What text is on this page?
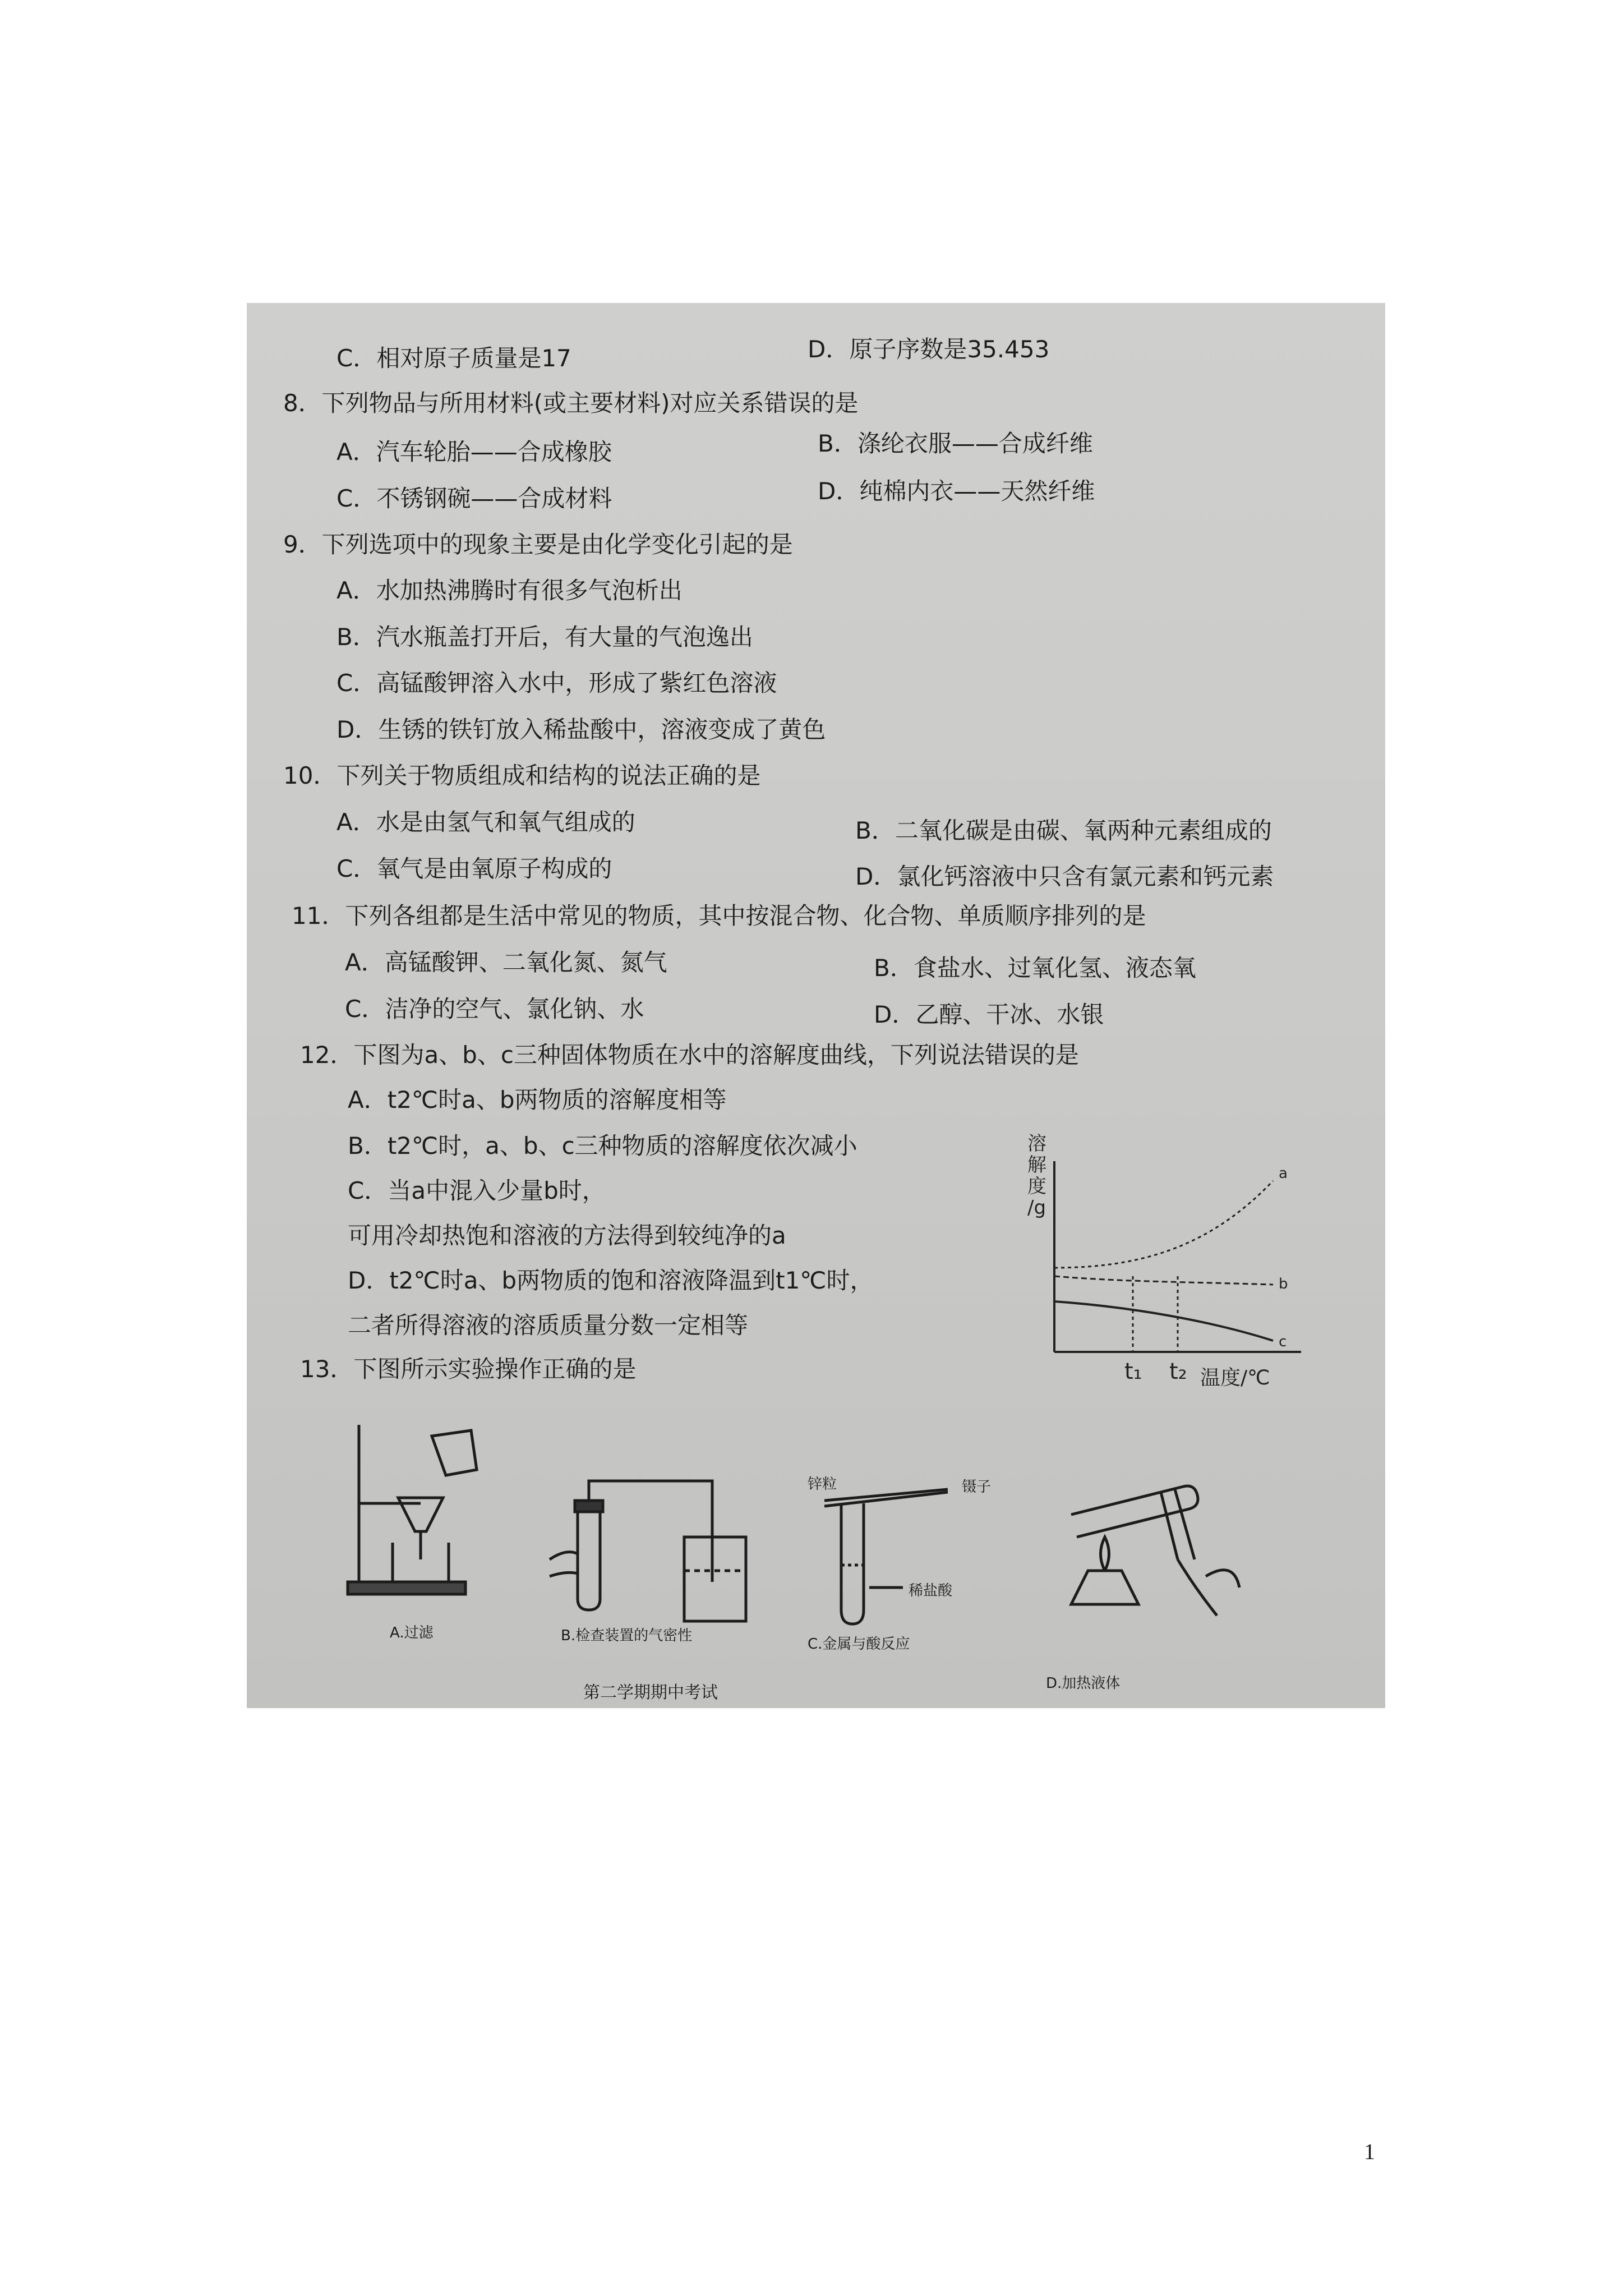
C．相对原子质量是17	D．原子序数是35.453
8．下列物品与所用材料(或主要材料)对应关系错误的是
A．汽车轮胎——合成橡胶	B．涤纶衣服——合成纤维
C．不锈钢碗——合成材料	D．纯棉内衣——天然纤维
9．下列选项中的现象主要是由化学变化引起的是
A．水加热沸腾时有很多气泡析出
B．汽水瓶盖打开后，有大量的气泡逸出
C．高锰酸钾溶入水中，形成了紫红色溶液
D．生锈的铁钉放入稀盐酸中，溶液变成了黄色
10．下列关于物质组成和结构的说法正确的是
A．水是由氢气和氧气组成的	B．二氧化碳是由碳、氧两种元素组成的
C．氧气是由氧原子构成的	D．氯化钙溶液中只含有氯元素和钙元素
11．下列各组都是生活中常见的物质，其中按混合物、化合物、单质顺序排列的是
A．高锰酸钾、二氧化氮、氮气	B．食盐水、过氧化氢、液态氧
C．洁净的空气、氯化钠、水	D．乙醇、干冰、水银
12．下图为a、b、c三种固体物质在水中的溶解度曲线，下列说法错误的是
A．t2℃时a、b两物质的溶解度相等
B．t2℃时，a、b、c三种物质的溶解度依次减小
C．当a中混入少量b时，
可用冷却热饱和溶液的方法得到较纯净的a
D．t2℃时a、b两物质的饱和溶液降温到t1℃时，
二者所得溶液的溶质质量分数一定相等
溶
解
度
/g
a
b
c
t₁ t₂ 温度/℃
13．下图所示实验操作正确的是
A.过滤	B.检查装置的气密性
锌粒	镊子
稀盐酸
C.金属与酸反应
D.加热液体
第二学期期中考试
1
